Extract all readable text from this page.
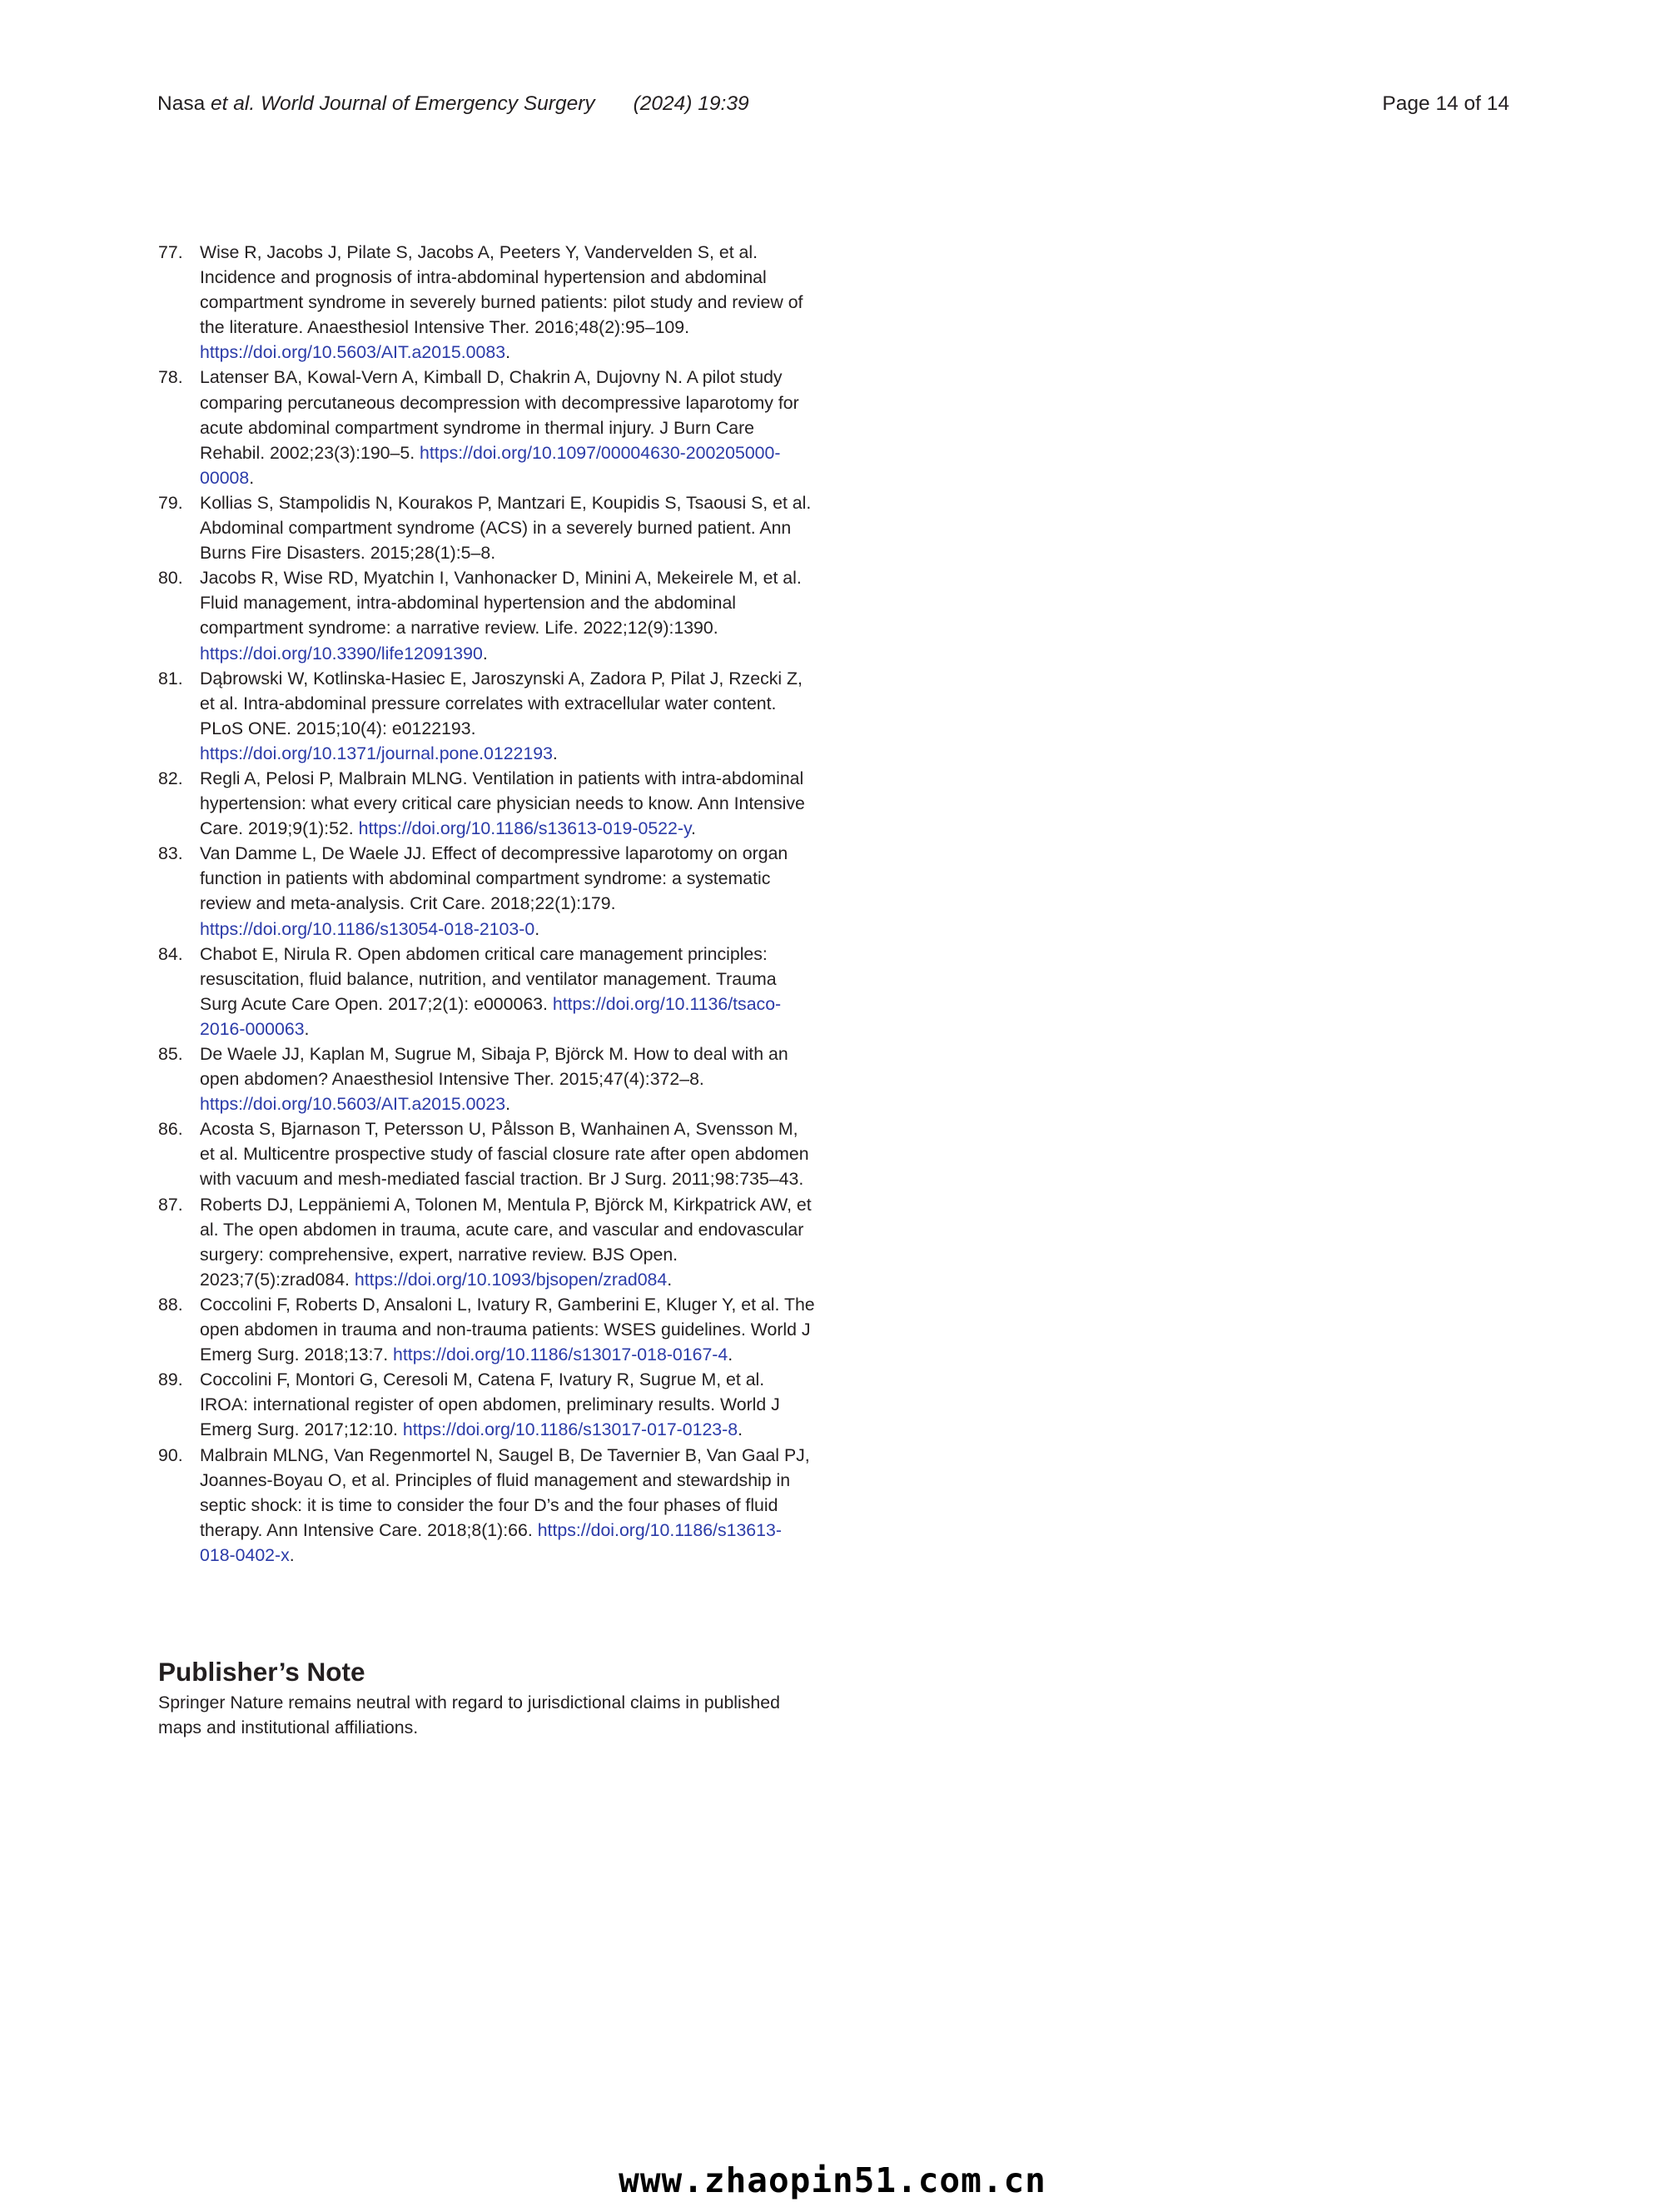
Nasa et al. World Journal of Emergency Surgery (2024) 19:39	Page 14 of 14
77. Wise R, Jacobs J, Pilate S, Jacobs A, Peeters Y, Vandervelden S, et al. Incidence and prognosis of intra-abdominal hypertension and abdominal compartment syndrome in severely burned patients: pilot study and review of the literature. Anaesthesiol Intensive Ther. 2016;48(2):95–109. https://doi.org/10.5603/AIT.a2015.0083.
78. Latenser BA, Kowal-Vern A, Kimball D, Chakrin A, Dujovny N. A pilot study comparing percutaneous decompression with decompressive laparotomy for acute abdominal compartment syndrome in thermal injury. J Burn Care Rehabil. 2002;23(3):190–5. https://doi.org/10.1097/00004630-200205000-00008.
79. Kollias S, Stampolidis N, Kourakos P, Mantzari E, Koupidis S, Tsaousi S, et al. Abdominal compartment syndrome (ACS) in a severely burned patient. Ann Burns Fire Disasters. 2015;28(1):5–8.
80. Jacobs R, Wise RD, Myatchin I, Vanhonacker D, Minini A, Mekeirele M, et al. Fluid management, intra-abdominal hypertension and the abdominal compartment syndrome: a narrative review. Life. 2022;12(9):1390. https://doi.org/10.3390/life12091390.
81. Dąbrowski W, Kotlinska-Hasiec E, Jaroszynski A, Zadora P, Pilat J, Rzecki Z, et al. Intra-abdominal pressure correlates with extracellular water content. PLoS ONE. 2015;10(4): e0122193. https://doi.org/10.1371/journal.pone.0122193.
82. Regli A, Pelosi P, Malbrain MLNG. Ventilation in patients with intra-abdominal hypertension: what every critical care physician needs to know. Ann Intensive Care. 2019;9(1):52. https://doi.org/10.1186/s13613-019-0522-y.
83. Van Damme L, De Waele JJ. Effect of decompressive laparotomy on organ function in patients with abdominal compartment syndrome: a systematic review and meta-analysis. Crit Care. 2018;22(1):179. https://doi.org/10.1186/s13054-018-2103-0.
84. Chabot E, Nirula R. Open abdomen critical care management principles: resuscitation, fluid balance, nutrition, and ventilator management. Trauma Surg Acute Care Open. 2017;2(1): e000063. https://doi.org/10.1136/tsaco-2016-000063.
85. De Waele JJ, Kaplan M, Sugrue M, Sibaja P, Björck M. How to deal with an open abdomen? Anaesthesiol Intensive Ther. 2015;47(4):372–8. https://doi.org/10.5603/AIT.a2015.0023.
86. Acosta S, Bjarnason T, Petersson U, Pålsson B, Wanhainen A, Svensson M, et al. Multicentre prospective study of fascial closure rate after open abdomen with vacuum and mesh-mediated fascial traction. Br J Surg. 2011;98:735–43.
87. Roberts DJ, Leppäniemi A, Tolonen M, Mentula P, Björck M, Kirkpatrick AW, et al. The open abdomen in trauma, acute care, and vascular and endovascular surgery: comprehensive, expert, narrative review. BJS Open. 2023;7(5):zrad084. https://doi.org/10.1093/bjsopen/zrad084.
88. Coccolini F, Roberts D, Ansaloni L, Ivatury R, Gamberini E, Kluger Y, et al. The open abdomen in trauma and non-trauma patients: WSES guidelines. World J Emerg Surg. 2018;13:7. https://doi.org/10.1186/s13017-018-0167-4.
89. Coccolini F, Montori G, Ceresoli M, Catena F, Ivatury R, Sugrue M, et al. IROA: international register of open abdomen, preliminary results. World J Emerg Surg. 2017;12:10. https://doi.org/10.1186/s13017-017-0123-8.
90. Malbrain MLNG, Van Regenmortel N, Saugel B, De Tavernier B, Van Gaal PJ, Joannes-Boyau O, et al. Principles of fluid management and stewardship in septic shock: it is time to consider the four D’s and the four phases of fluid therapy. Ann Intensive Care. 2018;8(1):66. https://doi.org/10.1186/s13613-018-0402-x.
Publisher’s Note

Springer Nature remains neutral with regard to jurisdictional claims in published maps and institutional affiliations.

www.zhaopin51.com.cn
